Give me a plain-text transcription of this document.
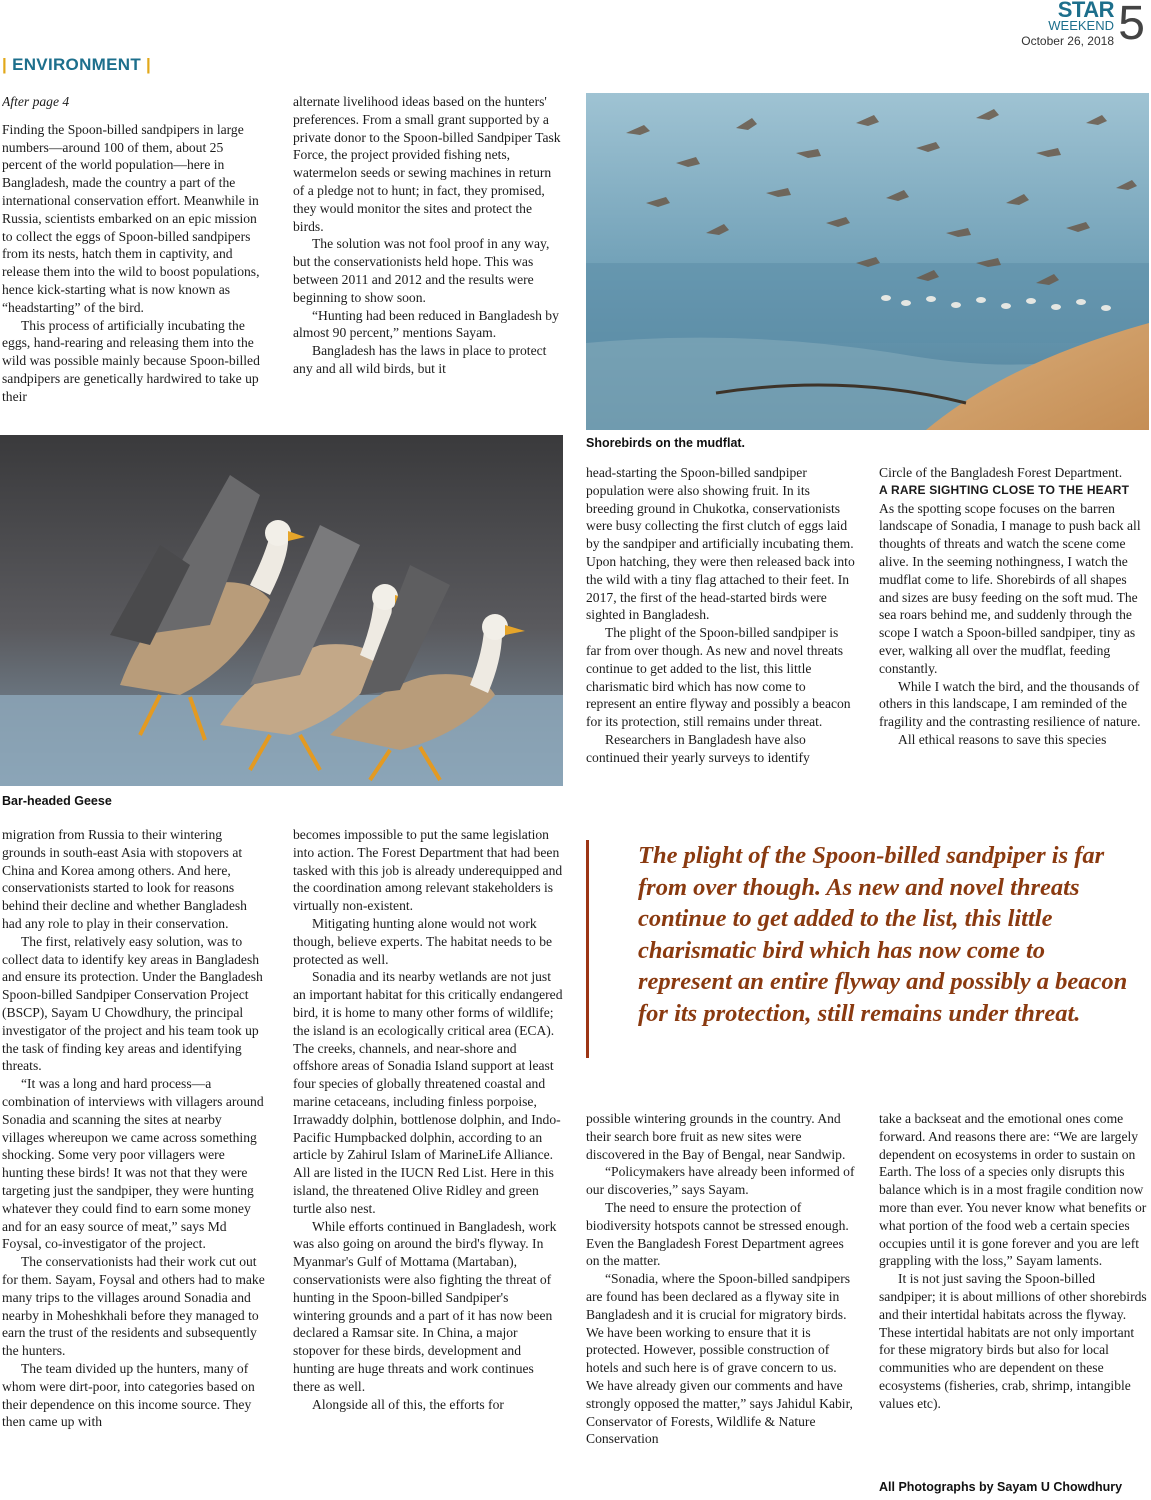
STAR
WEEKEND
October 26, 2018 5
| ENVIRONMENT |

After page 4

Finding the Spoon-billed sandpipers in large numbers—around 100 of them, about 25 percent of the world population—here in Bangladesh, made the country a part of the international conservation effort. Meanwhile in Russia, scientists embarked on an epic mission to collect the eggs of Spoon-billed sandpipers from its nests, hatch them in captivity, and release them into the wild to boost populations, hence kick-starting what is now known as “headstarting” of the bird.

This process of artificially incubating the eggs, hand-rearing and releasing them into the wild was possible mainly because Spoon-billed sandpipers are genetically hardwired to take up their

alternate livelihood ideas based on the hunters' preferences. From a small grant supported by a private donor to the Spoon-billed Sandpiper Task Force, the project provided fishing nets, watermelon seeds or sewing machines in return of a pledge not to hunt; in fact, they promised, they would monitor the sites and protect the birds.

The solution was not fool proof in any way, but the conservationists held hope. This was between 2011 and 2012 and the results were beginning to show soon.

“Hunting had been reduced in Bangladesh by almost 90 percent,” mentions Sayam.

Bangladesh has the laws in place to protect any and all wild birds, but it

Shorebirds on the mudflat.
Bar-headed Geese

head-starting the Spoon-billed sandpiper population were also showing fruit. In its breeding ground in Chukotka, conservationists were busy collecting the first clutch of eggs laid by the sandpiper and artificially incubating them. Upon hatching, they were then released back into the wild with a tiny flag attached to their feet. In 2017, the first of the head-started birds were sighted in Bangladesh.

The plight of the Spoon-billed sandpiper is far from over though. As new and novel threats continue to get added to the list, this little charismatic bird which has now come to represent an entire flyway and possibly a beacon for its protection, still remains under threat.

Researchers in Bangladesh have also continued their yearly surveys to identify

Circle of the Bangladesh Forest Department.

A RARE SIGHTING CLOSE TO THE HEART

As the spotting scope focuses on the barren landscape of Sonadia, I manage to push back all thoughts of threats and watch the scene come alive. In the seeming nothingness, I watch the mudflat come to life. Shorebirds of all shapes and sizes are busy feeding on the soft mud. The sea roars behind me, and suddenly through the scope I watch a Spoon-billed sandpiper, tiny as ever, walking all over the mudflat, feeding constantly.

While I watch the bird, and the thousands of others in this landscape, I am reminded of the fragility and the contrasting resilience of nature.

All ethical reasons to save this species

The plight of the Spoon-billed sandpiper is far from over though. As new and novel threats continue to get added to the list, this little charismatic bird which has now come to represent an entire flyway and possibly a beacon for its protection, still remains under threat.

migration from Russia to their wintering grounds in south-east Asia with stopovers at China and Korea among others. And here, conservationists started to look for reasons behind their decline and whether Bangladesh had any role to play in their conservation.

The first, relatively easy solution, was to collect data to identify key areas in Bangladesh and ensure its protection. Under the Bangladesh Spoon-billed Sandpiper Conservation Project (BSCP), Sayam U Chowdhury, the principal investigator of the project and his team took up the task of finding key areas and identifying threats.

“It was a long and hard process—a combination of interviews with villagers around Sonadia and scanning the sites at nearby villages whereupon we came across something shocking. Some very poor villagers were hunting these birds! It was not that they were targeting just the sandpiper, they were hunting whatever they could find to earn some money and for an easy source of meat,” says Md Foysal, co-investigator of the project.

The conservationists had their work cut out for them. Sayam, Foysal and others had to make many trips to the villages around Sonadia and nearby in Moheshkhali before they managed to earn the trust of the residents and subsequently the hunters.

The team divided up the hunters, many of whom were dirt-poor, into categories based on their dependence on this income source. They then came up with

becomes impossible to put the same legislation into action. The Forest Department that had been tasked with this job is already underequipped and the coordination among relevant stakeholders is virtually non-existent.

Mitigating hunting alone would not work though, believe experts. The habitat needs to be protected as well.

Sonadia and its nearby wetlands are not just an important habitat for this critically endangered bird, it is home to many other forms of wildlife; the island is an ecologically critical area (ECA). The creeks, channels, and near-shore and offshore areas of Sonadia Island support at least four species of globally threatened coastal and marine cetaceans, including finless porpoise, Irrawaddy dolphin, bottlenose dolphin, and Indo-Pacific Humpbacked dolphin, according to an article by Zahirul Islam of MarineLife Alliance. All are listed in the IUCN Red List. Here in this island, the threatened Olive Ridley and green turtle also nest.

While efforts continued in Bangladesh, work was also going on around the bird's flyway. In Myanmar's Gulf of Mottama (Martaban), conservationists were also fighting the threat of hunting in the Spoon-billed Sandpiper's wintering grounds and a part of it has now been declared a Ramsar site. In China, a major stopover for these birds, development and hunting are huge threats and work continues there as well.

Alongside all of this, the efforts for

possible wintering grounds in the country. And their search bore fruit as new sites were discovered in the Bay of Bengal, near Sandwip.

“Policymakers have already been informed of our discoveries,” says Sayam.

The need to ensure the protection of biodiversity hotspots cannot be stressed enough. Even the Bangladesh Forest Department agrees on the matter.

“Sonadia, where the Spoon-billed sandpipers are found has been declared as a flyway site in Bangladesh and it is crucial for migratory birds. We have been working to ensure that it is protected. However, possible construction of hotels and such here is of grave concern to us. We have already given our comments and have strongly opposed the matter,” says Jahidul Kabir, Conservator of Forests, Wildlife & Nature Conservation

take a backseat and the emotional ones come forward. And reasons there are: “We are largely dependent on ecosystems in order to sustain on Earth. The loss of a species only disrupts this balance which is in a most fragile condition now more than ever. You never know what benefits or what portion of the food web a certain species occupies until it is gone forever and you are left grappling with the loss,” Sayam laments.

It is not just saving the Spoon-billed sandpiper; it is about millions of other shorebirds and their intertidal habitats across the flyway. These intertidal habitats are not only important for these migratory birds but also for local communities who are dependent on these ecosystems (fisheries, crab, shrimp, intangible values etc).

All Photographs by Sayam U Chowdhury
